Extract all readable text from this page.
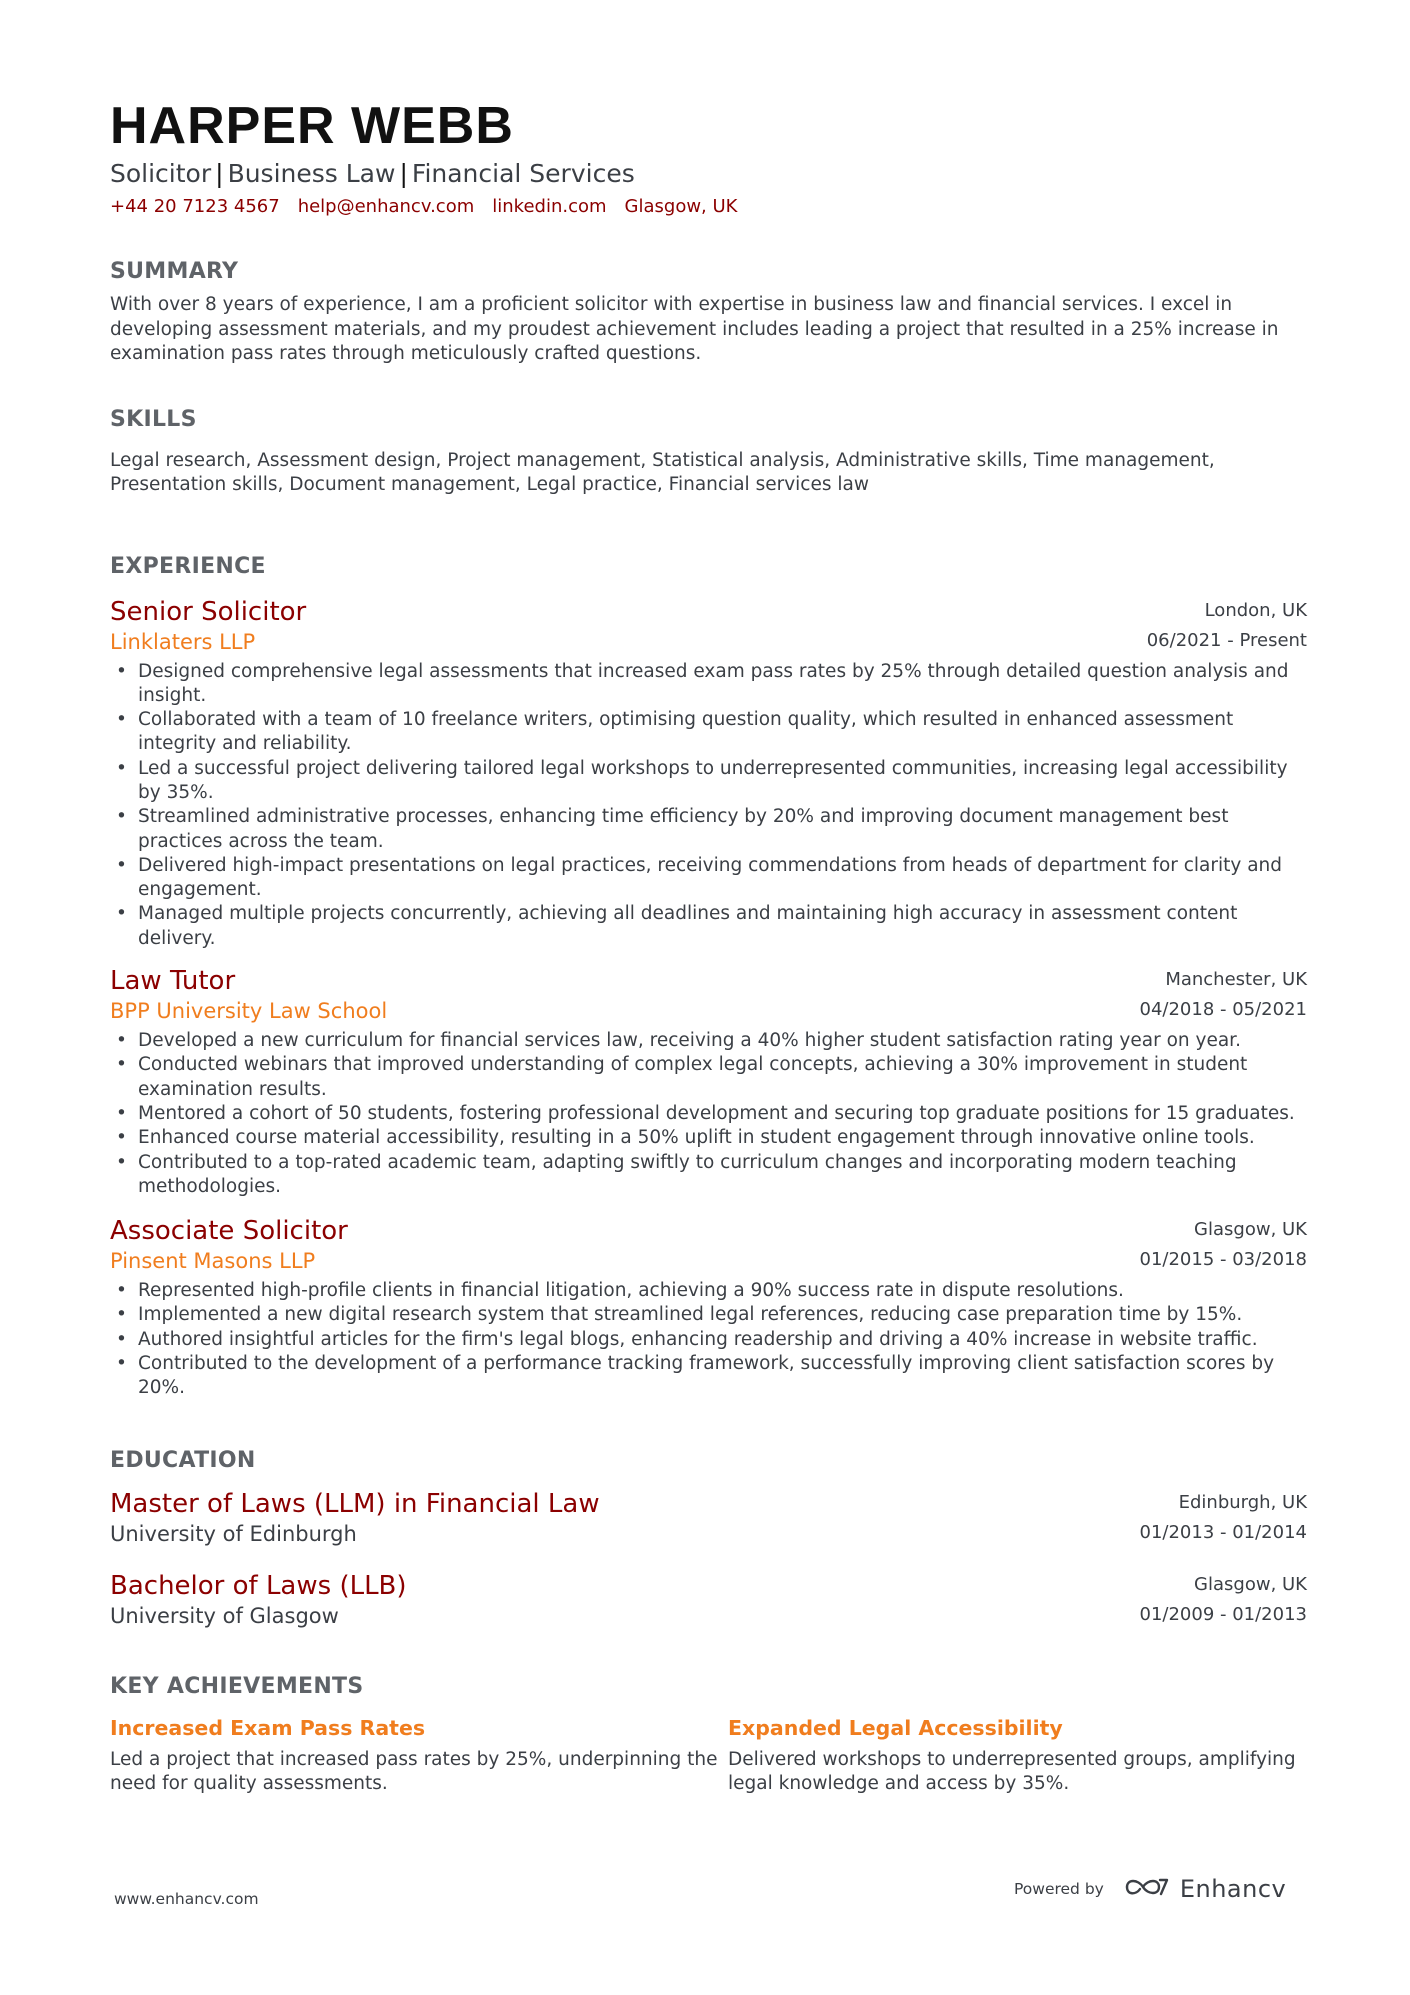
HARPER WEBB
Solicitor | Business Law | Financial Services
+44 20 7123 4567 help@enhancv.com linkedin.com Glasgow, UK
SUMMARY
With over 8 years of experience, I am a proficient solicitor with expertise in business law and financial services. I excel in developing assessment materials, and my proudest achievement includes leading a project that resulted in a 25% increase in examination pass rates through meticulously crafted questions.
SKILLS
Legal research, Assessment design, Project management, Statistical analysis, Administrative skills, Time management, Presentation skills, Document management, Legal practice, Financial services law
EXPERIENCE
Senior Solicitor
Linklaters LLP
London, UK
06/2021 - Present
• Designed comprehensive legal assessments that increased exam pass rates by 25% through detailed question analysis and insight.
• Collaborated with a team of 10 freelance writers, optimising question quality, which resulted in enhanced assessment integrity and reliability.
• Led a successful project delivering tailored legal workshops to underrepresented communities, increasing legal accessibility by 35%.
• Streamlined administrative processes, enhancing time efficiency by 20% and improving document management best practices across the team.
• Delivered high-impact presentations on legal practices, receiving commendations from heads of department for clarity and engagement.
• Managed multiple projects concurrently, achieving all deadlines and maintaining high accuracy in assessment content delivery.
Law Tutor
BPP University Law School
Manchester, UK
04/2018 - 05/2021
• Developed a new curriculum for financial services law, receiving a 40% higher student satisfaction rating year on year.
• Conducted webinars that improved understanding of complex legal concepts, achieving a 30% improvement in student examination results.
• Mentored a cohort of 50 students, fostering professional development and securing top graduate positions for 15 graduates.
• Enhanced course material accessibility, resulting in a 50% uplift in student engagement through innovative online tools.
• Contributed to a top-rated academic team, adapting swiftly to curriculum changes and incorporating modern teaching methodologies.
Associate Solicitor
Pinsent Masons LLP
Glasgow, UK
01/2015 - 03/2018
• Represented high-profile clients in financial litigation, achieving a 90% success rate in dispute resolutions.
• Implemented a new digital research system that streamlined legal references, reducing case preparation time by 15%.
• Authored insightful articles for the firm's legal blogs, enhancing readership and driving a 40% increase in website traffic.
• Contributed to the development of a performance tracking framework, successfully improving client satisfaction scores by 20%.
EDUCATION
Master of Laws (LLM) in Financial Law
University of Edinburgh
Edinburgh, UK
01/2013 - 01/2014
Bachelor of Laws (LLB)
University of Glasgow
Glasgow, UK
01/2009 - 01/2013
KEY ACHIEVEMENTS
Increased Exam Pass Rates
Led a project that increased pass rates by 25%, underpinning the need for quality assessments.
Expanded Legal Accessibility
Delivered workshops to underrepresented groups, amplifying legal knowledge and access by 35%.
www.enhancv.com
Powered by	Enhancv
